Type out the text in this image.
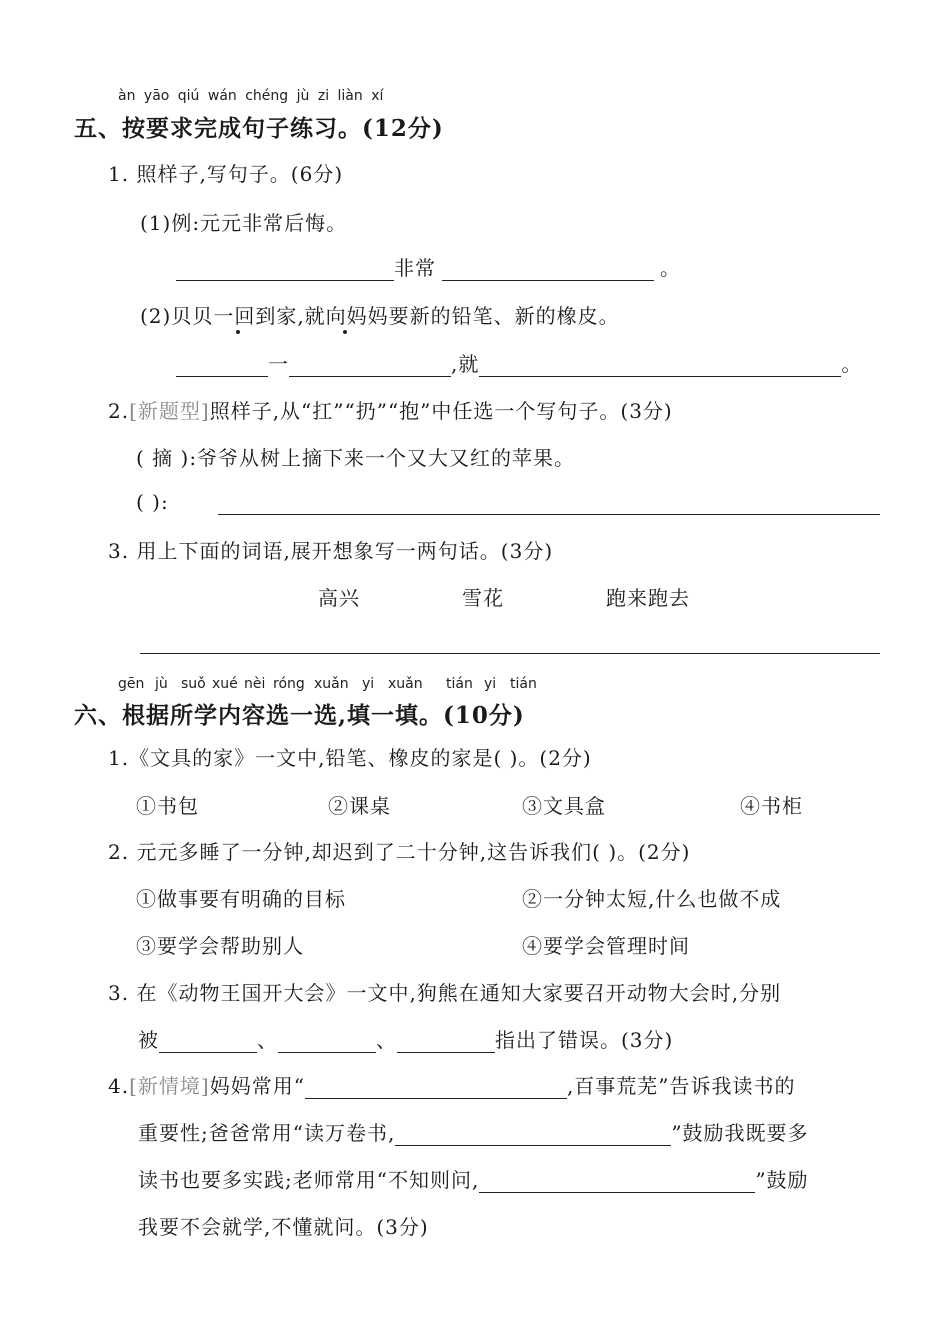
àn yāo qiú wán chéng jù zi liàn xí
五、按要求完成句子练习。(12分)
1. 照样子,写句子。(6分)
(1)例:元元非常后悔。
非常	。
(2)贝贝一回到家,就向妈妈要新的铅笔、新的橡皮。
一	,就	。
2.[新题型]照样子,从“扛”“扔”“抱”中任选一个写句子。(3分)
( 摘 ):爷爷从树上摘下来一个又大又红的苹果。
( ):
3. 用上下面的词语,展开想象写一两句话。(3分)
高兴	雪花	跑来跑去
gēn jù suǒ xué nèi róng xuǎn yi xuǎn tián yi tián
六、根据所学内容选一选,填一填。(10分)
1.《文具的家》一文中,铅笔、橡皮的家是( )。(2分)
①书包	②课桌	③文具盒	④书柜
2. 元元多睡了一分钟,却迟到了二十分钟,这告诉我们( )。(2分)
①做事要有明确的目标	②一分钟太短,什么也做不成
③要学会帮助别人	④要学会管理时间
3. 在《动物王国开大会》一文中,狗熊在通知大家要召开动物大会时,分别
被	、	、	指出了错误。(3分)
4.[新情境]妈妈常用“	,百事荒芜”告诉我读书的
重要性;爸爸常用“读万卷书,	”鼓励我既要多
读书也要多实践;老师常用“不知则问,	”鼓励
我要不会就学,不懂就问。(3分)
